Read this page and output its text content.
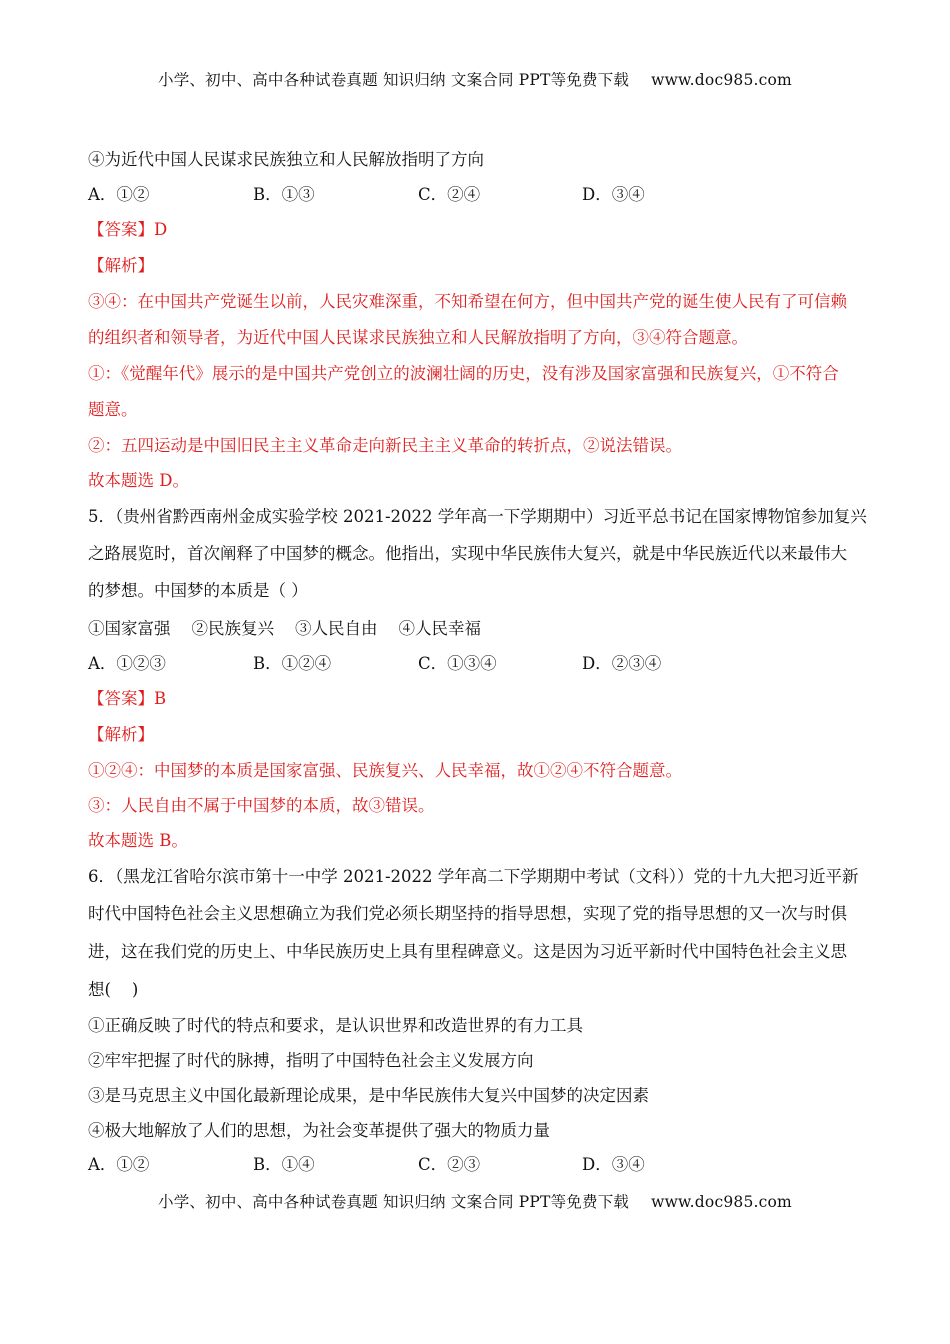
小学、初中、高中各种试卷真题 知识归纳 文案合同 PPT等免费下载 www.doc985.com
④为近代中国人民谋求民族独立和人民解放指明了方向
A．①②	B．①③	C．②④	D．③④
【答案】D
【解析】
③④：在中国共产党诞生以前，人民灾难深重，不知希望在何方，但中国共产党的诞生使人民有了可信赖
的组织者和领导者，为近代中国人民谋求民族独立和人民解放指明了方向，③④符合题意。
①：《觉醒年代》展示的是中国共产党创立的波澜壮阔的历史，没有涉及国家富强和民族复兴，①不符合
题意。
②：五四运动是中国旧民主主义革命走向新民主主义革命的转折点，②说法错误。
故本题选 D。
5．（贵州省黔西南州金成实验学校 2021-2022 学年高一下学期期中）习近平总书记在国家博物馆参加复兴
之路展览时，首次阐释了中国梦的概念。他指出，实现中华民族伟大复兴，就是中华民族近代以来最伟大
的梦想。中国梦的本质是（ ）
①国家富强    ②民族复兴    ③人民自由    ④人民幸福
A．①②③	B．①②④	C．①③④	D．②③④
【答案】B
【解析】
①②④：中国梦的本质是国家富强、民族复兴、人民幸福，故①②④不符合题意。
③：人民自由不属于中国梦的本质，故③错误。
故本题选 B。
6．（黑龙江省哈尔滨市第十一中学 2021-2022 学年高二下学期期中考试（文科））党的十九大把习近平新
时代中国特色社会主义思想确立为我们党必须长期坚持的指导思想，实现了党的指导思想的又一次与时俱
进，这在我们党的历史上、中华民族历史上具有里程碑意义。这是因为习近平新时代中国特色社会主义思
想(    )
①正确反映了时代的特点和要求，是认识世界和改造世界的有力工具
②牢牢把握了时代的脉搏，指明了中国特色社会主义发展方向
③是马克思主义中国化最新理论成果，是中华民族伟大复兴中国梦的决定因素
④极大地解放了人们的思想，为社会变革提供了强大的物质力量
A．①②	B．①④	C．②③	D．③④
小学、初中、高中各种试卷真题 知识归纳 文案合同 PPT等免费下载 www.doc985.com
